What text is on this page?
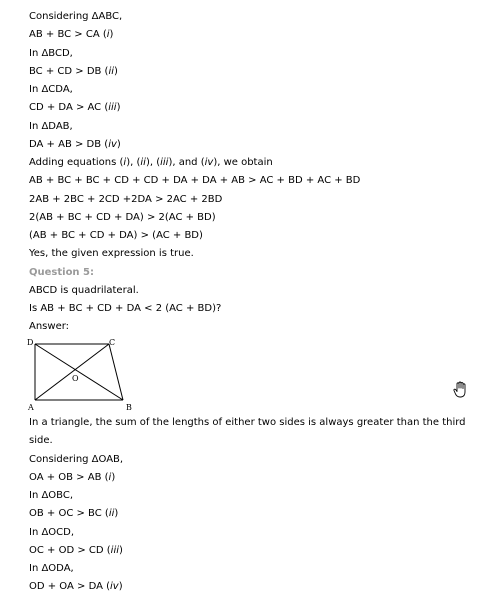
Considering ΔABC,
AB + BC > CA (i)
In ΔBCD,
BC + CD > DB (ii)
In ΔCDA,
CD + DA > AC (iii)
In ΔDAB,
DA + AB > DB (iv)
Adding equations (i), (ii), (iii), and (iv), we obtain
AB + BC + BC + CD + CD + DA + DA + AB > AC + BD + AC + BD
2AB + 2BC + 2CD +2DA > 2AC + 2BD
2(AB + BC + CD + DA) > 2(AC + BD)
(AB + BC + CD + DA) > (AC + BD)
Yes, the given expression is true.
Question 5:
ABCD is quadrilateral.
Is AB + BC + CD + DA < 2 (AC + BD)?
Answer:
In a triangle, the sum of the lengths of either two sides is always greater than the third
side.
Considering ΔOAB,
OA + OB > AB (i)
In ΔOBC,
OB + OC > BC (ii)
In ΔOCD,
OC + OD > CD (iii)
In ΔODA,
OD + OA > DA (iv)
D	C
O
A	B
